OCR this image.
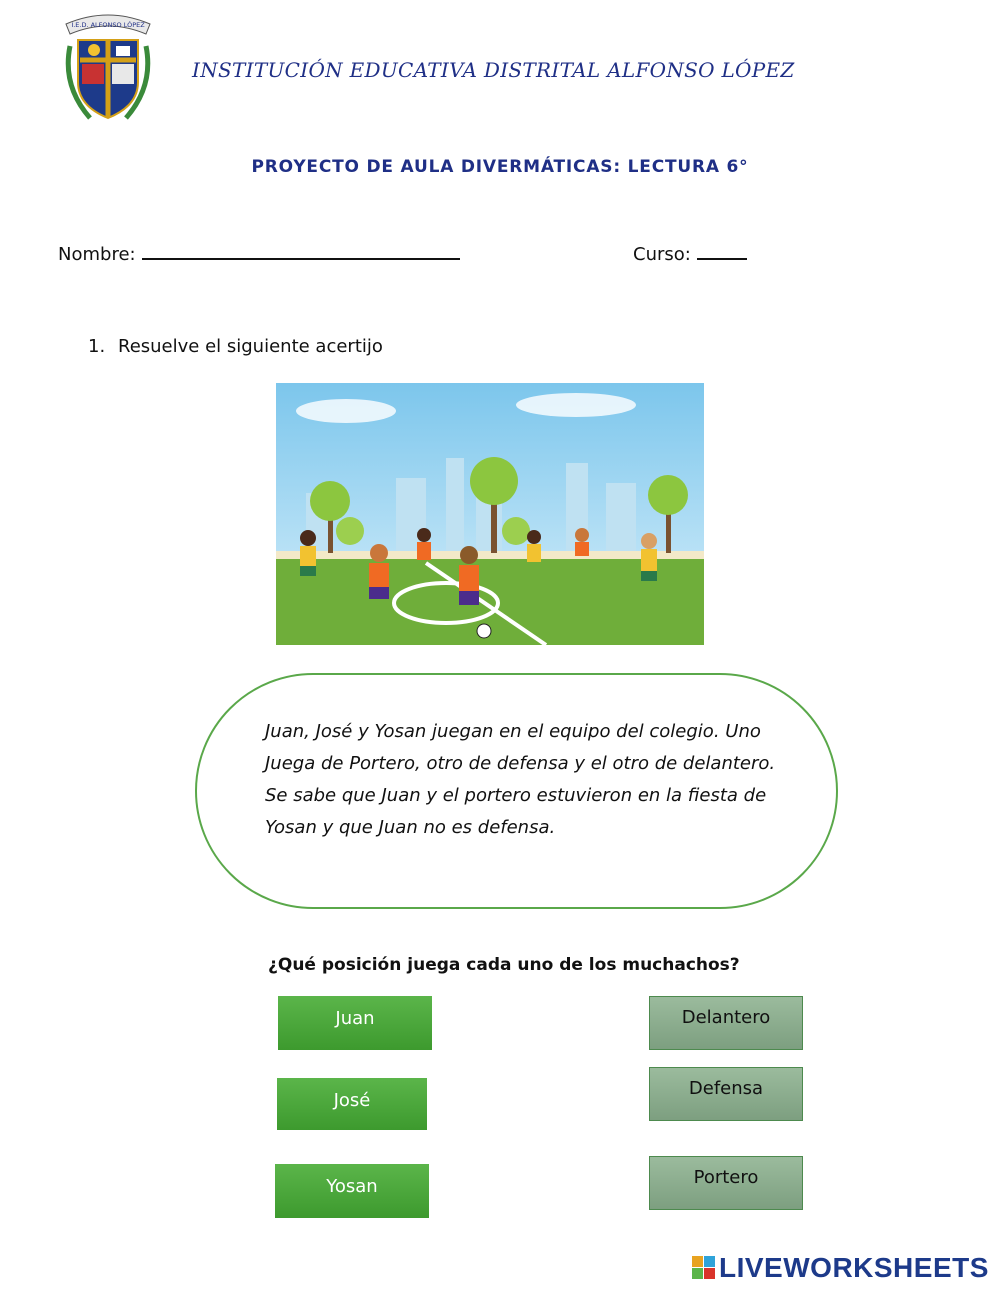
I.E.D. ALFONSO LÓPEZ
INSTITUCIÓN EDUCATIVA DISTRITAL ALFONSO LÓPEZ
PROYECTO DE AULA DIVERMÁTICAS: LECTURA 6°
Nombre:	Curso:
1. Resuelve el siguiente acertijo
Juan, José y Yosan juegan en el equipo del colegio. Uno Juega de Portero, otro de defensa y el otro de delantero. Se sabe que Juan y el portero estuvieron en la fiesta de Yosan y que Juan no es defensa.
¿Qué posición juega cada uno de los muchachos?
Juan
José
Yosan
Delantero
Defensa
Portero
LIVEWORKSHEETS
